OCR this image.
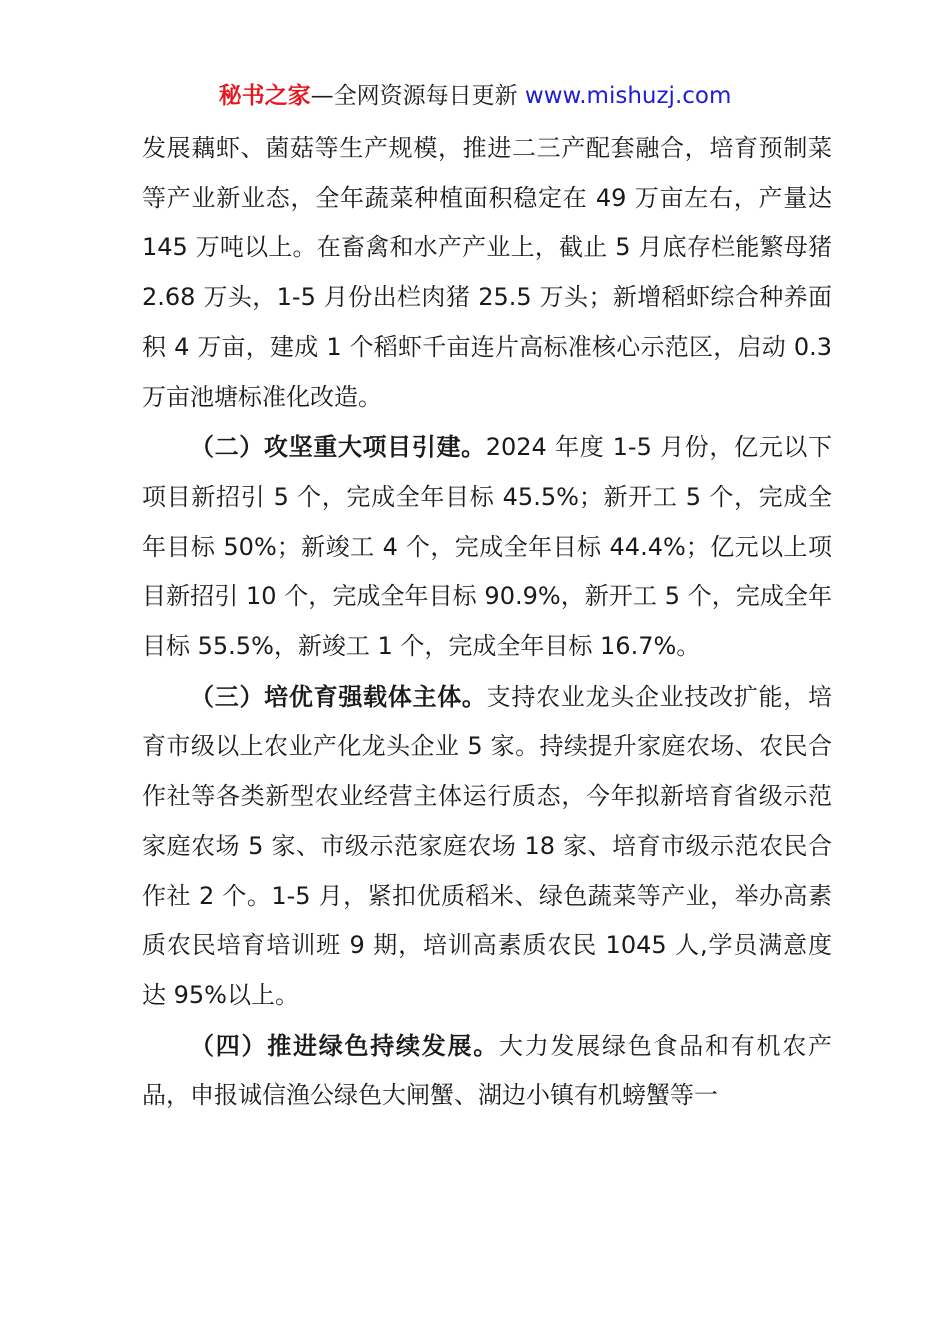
秘书之家—全网资源每日更新 www.mishuzj.com

发展藕虾、菌菇等生产规模，推进二三产配套融合，培育预制菜等产业新业态，全年蔬菜种植面积稳定在 49 万亩左右，产量达 145 万吨以上。在畜禽和水产产业上，截止 5 月底存栏能繁母猪 2.68 万头，1-5 月份出栏肉猪 25.5 万头；新增稻虾综合种养面积 4 万亩，建成 1 个稻虾千亩连片高标准核心示范区，启动 0.3 万亩池塘标准化改造。

（二）攻坚重大项目引建。2024 年度 1-5 月份，亿元以下项目新招引 5 个，完成全年目标 45.5%；新开工 5 个，完成全年目标 50%；新竣工 4 个，完成全年目标 44.4%；亿元以上项目新招引 10 个，完成全年目标 90.9%，新开工 5 个，完成全年目标 55.5%，新竣工 1 个，完成全年目标 16.7%。

（三）培优育强载体主体。支持农业龙头企业技改扩能，培育市级以上农业产化龙头企业 5 家。持续提升家庭农场、农民合作社等各类新型农业经营主体运行质态，今年拟新培育省级示范家庭农场 5 家、市级示范家庭农场 18 家、培育市级示范农民合作社 2 个。1-5 月，紧扣优质稻米、绿色蔬菜等产业，举办高素质农民培育培训班 9 期，培训高素质农民 1045 人,学员满意度达 95%以上。

（四）推进绿色持续发展。大力发展绿色食品和有机农产品，申报诚信渔公绿色大闸蟹、湖边小镇有机螃蟹等一
